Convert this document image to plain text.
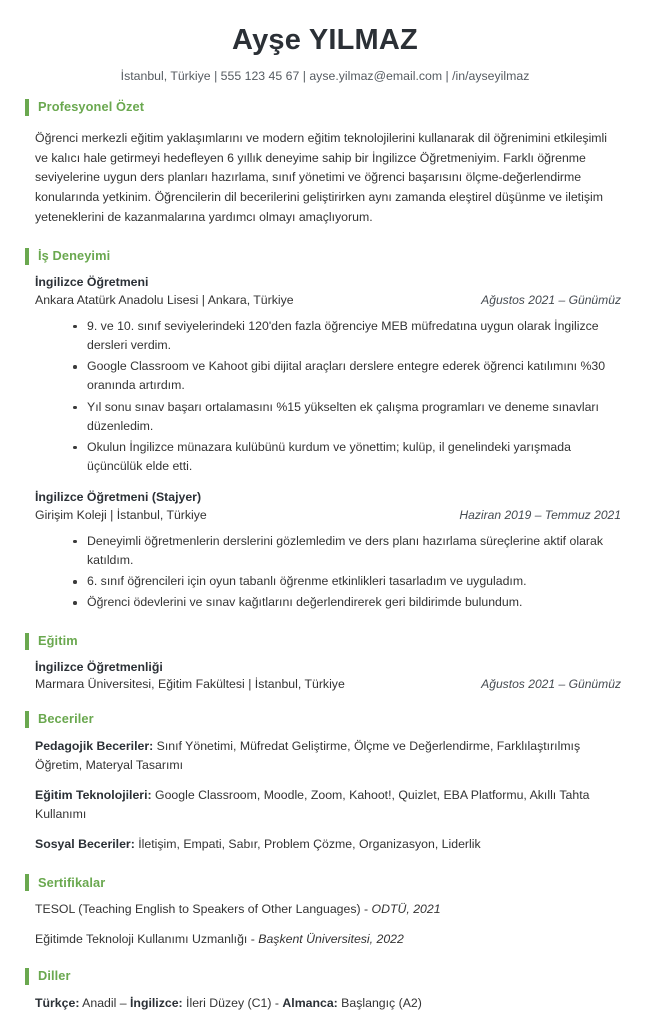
Ayşe YILMAZ
İstanbul, Türkiye | 555 123 45 67 | ayse.yilmaz@email.com | /in/ayseyilmaz
Profesyonel Özet

Öğrenci merkezli eğitim yaklaşımlarını ve modern eğitim teknolojilerini kullanarak dil öğrenimini etkileşimli ve kalıcı hale getirmeyi hedefleyen 6 yıllık deneyime sahip bir İngilizce Öğretmeniyim. Farklı öğrenme seviyelerine uygun ders planları hazırlama, sınıf yönetimi ve öğrenci başarısını ölçme-değerlendirme konularında yetkinim. Öğrencilerin dil becerilerini geliştirirken aynı zamanda eleştirel düşünme ve iletişim yeteneklerini de kazanmalarına yardımcı olmayı amaçlıyorum.

İş Deneyimi
İngilizce Öğretmeni
Ankara Atatürk Anadolu Lisesi | Ankara, Türkiye	Ağustos 2021 – Günümüz
9. ve 10. sınıf seviyelerindeki 120'den fazla öğrenciye MEB müfredatına uygun olarak İngilizce dersleri verdim.
Google Classroom ve Kahoot gibi dijital araçları derslere entegre ederek öğrenci katılımını %30 oranında artırdım.
Yıl sonu sınav başarı ortalamasını %15 yükselten ek çalışma programları ve deneme sınavları düzenledim.
Okulun İngilizce münazara kulübünü kurdum ve yönettim; kulüp, il genelindeki yarışmada üçüncülük elde etti.
İngilizce Öğretmeni (Stajyer)
Girişim Koleji | İstanbul, Türkiye	Haziran 2019 – Temmuz 2021
Deneyimli öğretmenlerin derslerini gözlemledim ve ders planı hazırlama süreçlerine aktif olarak katıldım.
6. sınıf öğrencileri için oyun tabanlı öğrenme etkinlikleri tasarladım ve uyguladım.
Öğrenci ödevlerini ve sınav kağıtlarını değerlendirerek geri bildirimde bulundum.
Eğitim
İngilizce Öğretmenliği
Marmara Üniversitesi, Eğitim Fakültesi | İstanbul, Türkiye	Ağustos 2021 – Günümüz
Beceriler
Pedagojik Beceriler: Sınıf Yönetimi, Müfredat Geliştirme, Ölçme ve Değerlendirme, Farklılaştırılmış Öğretim, Materyal Tasarımı
Eğitim Teknolojileri: Google Classroom, Moodle, Zoom, Kahoot!, Quizlet, EBA Platformu, Akıllı Tahta Kullanımı
Sosyal Beceriler: İletişim, Empati, Sabır, Problem Çözme, Organizasyon, Liderlik
Sertifikalar
TESOL (Teaching English to Speakers of Other Languages) - ODTÜ, 2021
Eğitimde Teknoloji Kullanımı Uzmanlığı - Başkent Üniversitesi, 2022
Diller
Türkçe: Anadil – İngilizce: İleri Düzey (C1) - Almanca: Başlangıç (A2)
